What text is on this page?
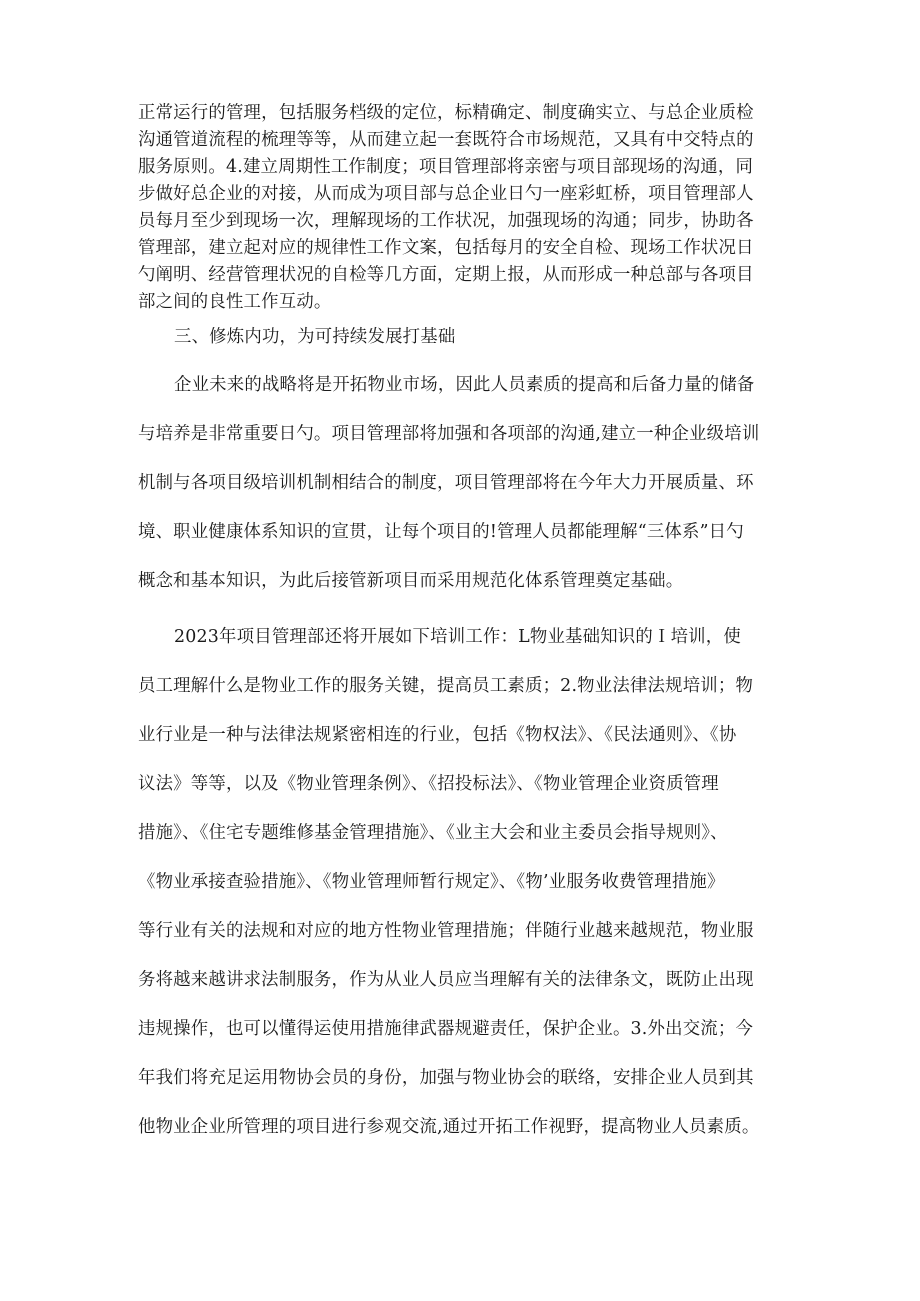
正常运行的管理，包括服务档级的定位，标精确定、制度确实立、与总企业质检

沟通管道流程的梳理等等，从而建立起一套既符合市场规范，又具有中交特点的

服务原则。4.建立周期性工作制度；项目管理部将亲密与项目部现场的沟通，同

步做好总企业的对接，从而成为项目部与总企业日勺一座彩虹桥，项目管理部人

员每月至少到现场一次，理解现场的工作状况，加强现场的沟通；同步，协助各

管理部，建立起对应的规律性工作文案，包括每月的安全自检、现场工作状况日

勺阐明、经营管理状况的自检等几方面，定期上报，从而形成一种总部与各项目

部之间的良性工作互动。

三、修炼内功，为可持续发展打基础

企业未来的战略将是开拓物业市场，因此人员素质的提高和后备力量的储备

与培养是非常重要日勺。项目管理部将加强和各项部的沟通,建立一种企业级培训

机制与各项目级培训机制相结合的制度，项目管理部将在今年大力开展质量、环

境、职业健康体系知识的宣贯，让每个项目的!管理人员都能理解“三体系”日勺

概念和基本知识，为此后接管新项目而采用规范化体系管理奠定基础。

2023年项目管理部还将开展如下培训工作：L物业基础知识的Ｉ培训，使

员工理解什么是物业工作的服务关键，提高员工素质；2.物业法律法规培训；物

业行业是一种与法律法规紧密相连的行业，包括《物权法》、《民法通则》、《协

议法》等等，以及《物业管理条例》、《招投标法》、《物业管理企业资质管理

措施》、《住宅专题维修基金管理措施》、《业主大会和业主委员会指导规则》、

《物业承接查验措施》、《物业管理师暂行规定》、《物’业服务收费管理措施》

等行业有关的法规和对应的地方性物业管理措施；伴随行业越来越规范，物业服

务将越来越讲求法制服务，作为从业人员应当理解有关的法律条文，既防止出现

违规操作，也可以懂得运使用措施律武器规避责任，保护企业。3.外出交流；今

年我们将充足运用物协会员的身份，加强与物业协会的联络，安排企业人员到其

他物业企业所管理的项目进行参观交流,通过开拓工作视野，提高物业人员素质。
